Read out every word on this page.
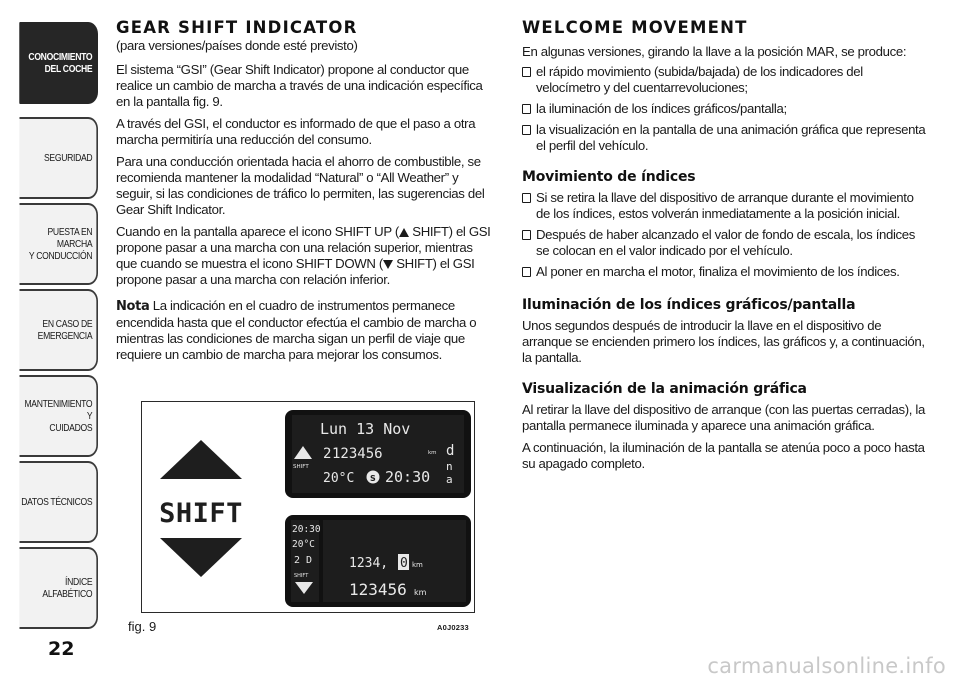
CONOCIMIENTO
DEL COCHE
SEGURIDAD
PUESTA EN MARCHA
Y CONDUCCIÓN
EN CASO DE
EMERGENCIA
MANTENIMIENTO Y
CUIDADOS
DATOS TÉCNICOS
ÍNDICE ALFABÉTICO
22
GEAR SHIFT INDICATOR
(para versiones/países donde esté previsto)
El sistema “GSI” (Gear Shift Indicator) propone al conductor que realice un cambio de marcha a través de una indicación específica en la pantalla fig. 9.
A través del GSI, el conductor es informado de que el paso a otra marcha permitiría una reducción del consumo.
Para una conducción orientada hacia el ahorro de combustible, se recomienda mantener la modalidad “Natural” o “All Weather” y seguir, si las condiciones de tráfico lo permiten, las sugerencias del Gear Shift Indicator.
Cuando en la pantalla aparece el icono SHIFT UP ( SHIFT) el GSI propone pasar a una marcha con una relación superior, mientras que cuando se muestra el icono SHIFT DOWN ( SHIFT) el GSI propone pasar a una marcha con relación inferior.
Nota La indicación en el cuadro de instrumentos permanece encendida hasta que el conductor efectúa el cambio de marcha o mientras las condiciones de marcha sigan un perfil de viaje que requiere un cambio de marcha para mejorar los consumos.
SHIFT
Lun 13 Nov
SHIFT
2 123456	km d
n
a
20°C S 20:30
20:30
20°C
2 D
SHIFT
1234, 0 km
123456 km
fig. 9	A0J0233
WELCOME MOVEMENT
En algunas versiones, girando la llave a la posición MAR, se produce:
el rápido movimiento (subida/bajada) de los indicadores del velocímetro y del cuentarrevoluciones;
la iluminación de los índices gráficos/pantalla;
la visualización en la pantalla de una animación gráfica que representa el perfil del vehículo.
Movimiento de índices
Si se retira la llave del dispositivo de arranque durante el movimiento de los índices, estos volverán inmediatamente a la posición inicial.
Después de haber alcanzado el valor de fondo de escala, los índices se colocan en el valor indicado por el vehículo.
Al poner en marcha el motor, finaliza el movimiento de los índices.
Iluminación de los índices gráficos/pantalla
Unos segundos después de introducir la llave en el dispositivo de arranque se encienden primero los índices, las gráficos y, a continuación, la pantalla.
Visualización de la animación gráfica
Al retirar la llave del dispositivo de arranque (con las puertas cerradas), la pantalla permanece iluminada y aparece una animación gráfica.
A continuación, la iluminación de la pantalla se atenúa poco a poco hasta su apagado completo.
carmanualsonline.info
